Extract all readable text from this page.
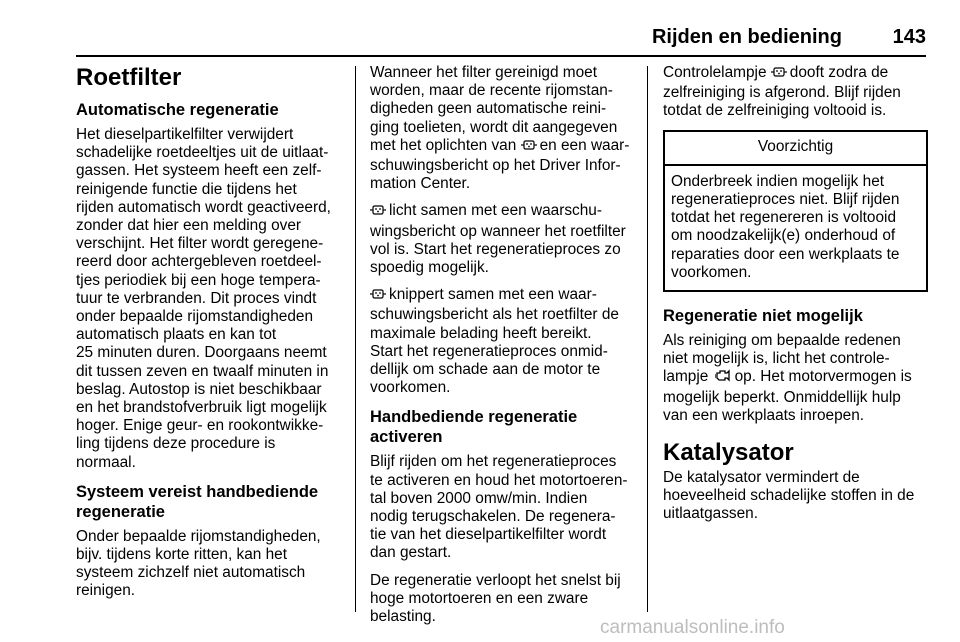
Rijden en bediening	143
Roetfilter
Automatische regeneratie
Het dieselpartikelfilter verwijdert
schadelijke roetdeeltjes uit de uitlaat-
gassen. Het systeem heeft een zelf-
reinigende functie die tijdens het
rijden automatisch wordt geactiveerd,
zonder dat hier een melding over
verschijnt. Het filter wordt geregene-
reerd door achtergebleven roetdeel-
tjes periodiek bij een hoge tempera-
tuur te verbranden. Dit proces vindt
onder bepaalde rijomstandigheden
automatisch plaats en kan tot
25 minuten duren. Doorgaans neemt
dit tussen zeven en twaalf minuten in
beslag. Autostop is niet beschikbaar
en het brandstofverbruik ligt mogelijk
hoger. Enige geur- en rookontwikke-
ling tijdens deze procedure is
normaal.
Systeem vereist handbediende
regeneratie
Onder bepaalde rijomstandigheden,
bijv. tijdens korte ritten, kan het
systeem zichzelf niet automatisch
reinigen.
Wanneer het filter gereinigd moet
worden, maar de recente rijomstan-
digheden geen automatische reini-
ging toelieten, wordt dit aangegeven
met het oplichten van en een waar-
schuwingsbericht op het Driver Infor-
mation Center.
licht samen met een waarschu-
wingsbericht op wanneer het roetfilter
vol is. Start het regeneratieproces zo
spoedig mogelijk.
knippert samen met een waar-
schuwingsbericht als het roetfilter de
maximale belading heeft bereikt.
Start het regeneratieproces onmid-
dellijk om schade aan de motor te
voorkomen.
Handbediende regeneratie
activeren
Blijf rijden om het regeneratieproces
te activeren en houd het motortoeren-
tal boven 2000 omw/min. Indien
nodig terugschakelen. De regenera-
tie van het dieselpartikelfilter wordt
dan gestart.
De regeneratie verloopt het snelst bij
hoge motortoeren en een zware
belasting.
Controlelampje dooft zodra de
zelfreiniging is afgerond. Blijf rijden
totdat de zelfreiniging voltooid is.
Voorzichtig
Onderbreek indien mogelijk het
regeneratieproces niet. Blijf rijden
totdat het regenereren is voltooid
om noodzakelijk(e) onderhoud of
reparaties door een werkplaats te
voorkomen.
Regeneratie niet mogelijk
Als reiniging om bepaalde redenen
niet mogelijk is, licht het controle-
lampje op. Het motorvermogen is
mogelijk beperkt. Onmiddellijk hulp
van een werkplaats inroepen.
Katalysator
De katalysator vermindert de
hoeveelheid schadelijke stoffen in de
uitlaatgassen.
carmanualsonline.info
